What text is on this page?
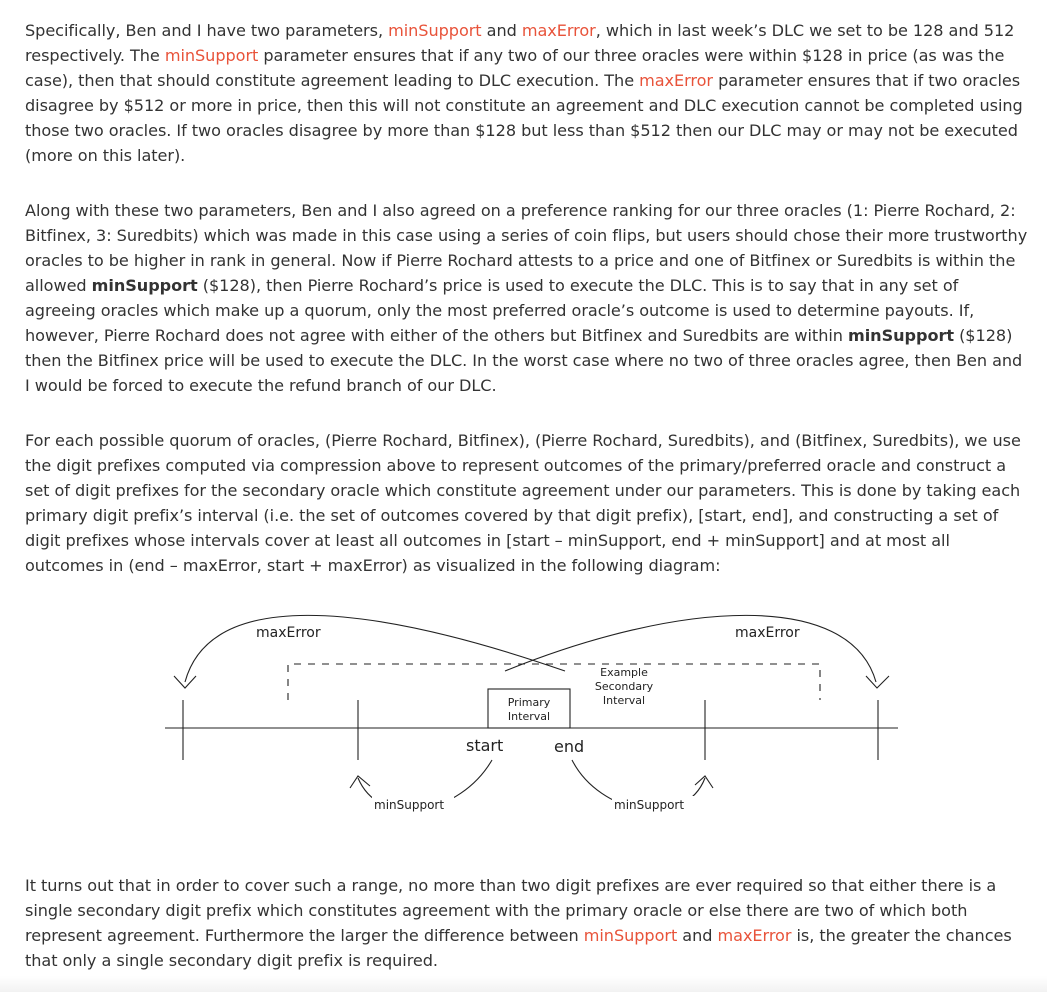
Specifically, Ben and I have two parameters, minSupport and maxError, which in last week’s DLC we set to be 128 and 512 respectively. The minSupport parameter ensures that if any two of our three oracles were within $128 in price (as was the case), then that should constitute agreement leading to DLC execution. The maxError parameter ensures that if two oracles disagree by $512 or more in price, then this will not constitute an agreement and DLC execution cannot be completed using those two oracles. If two oracles disagree by more than $128 but less than $512 then our DLC may or may not be executed (more on this later).

Along with these two parameters, Ben and I also agreed on a preference ranking for our three oracles (1: Pierre Rochard, 2: Bitfinex, 3: Suredbits) which was made in this case using a series of coin flips, but users should chose their more trustworthy oracles to be higher in rank in general. Now if Pierre Rochard attests to a price and one of Bitfinex or Suredbits is within the allowed minSupport ($128), then Pierre Rochard’s price is used to execute the DLC. This is to say that in any set of agreeing oracles which make up a quorum, only the most preferred oracle’s outcome is used to determine payouts. If, however, Pierre Rochard does not agree with either of the others but Bitfinex and Suredbits are within minSupport ($128) then the Bitfinex price will be used to execute the DLC. In the worst case where no two of three oracles agree, then Ben and I would be forced to execute the refund branch of our DLC.

For each possible quorum of oracles, (Pierre Rochard, Bitfinex), (Pierre Rochard, Suredbits), and (Bitfinex, Suredbits), we use the digit prefixes computed via compression above to represent outcomes of the primary/preferred oracle and construct a set of digit prefixes for the secondary oracle which constitute agreement under our parameters. This is done by taking each primary digit prefix’s interval (i.e. the set of outcomes covered by that digit prefix), [start, end], and constructing a set of digit prefixes whose intervals cover at least all outcomes in [start – minSupport, end + minSupport] and at most all outcomes in (end – maxError, start + maxError) as visualized in the following diagram:

maxError	maxError
Primary
Interval
Example
Secondary
Interval
start	end
minSupport	minSupport

It turns out that in order to cover such a range, no more than two digit prefixes are ever required so that either there is a single secondary digit prefix which constitutes agreement with the primary oracle or else there are two of which both represent agreement. Furthermore the larger the difference between minSupport and maxError is, the greater the chances that only a single secondary digit prefix is required.
